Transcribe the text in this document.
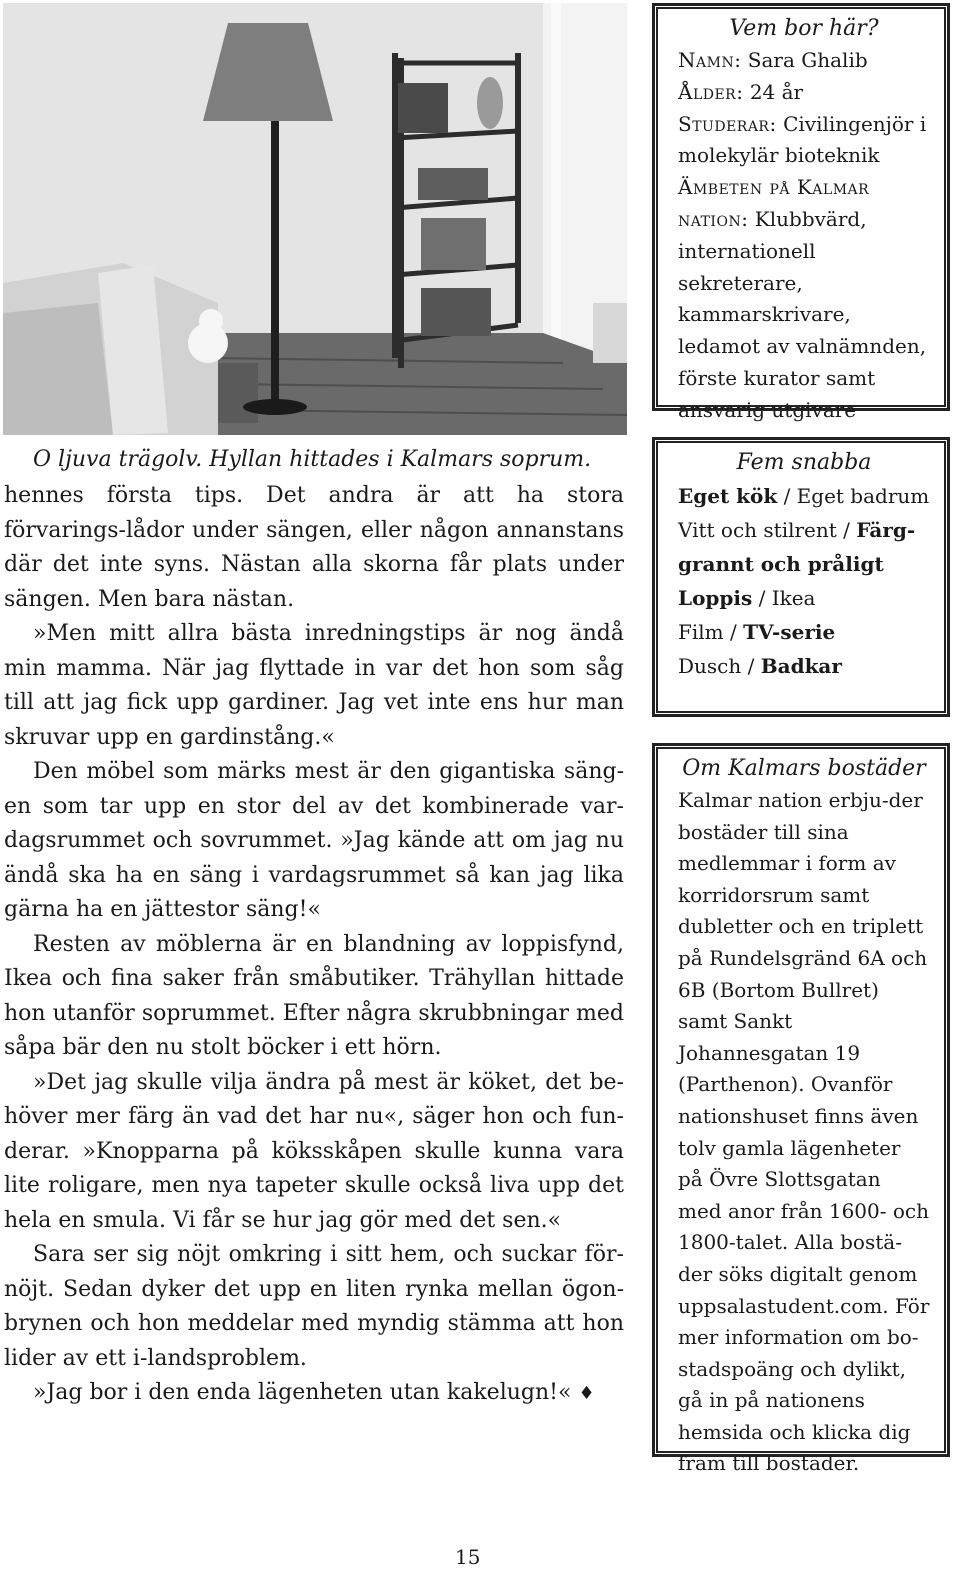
O ljuva trägolv. Hyllan hittades i Kalmars soprum.

hennes första tips. Det andra är att ha stora förvarings-lådor under sängen, eller någon annanstans där det inte syns. Nästan alla skorna får plats under sängen. Men bara nästan.

»Men mitt allra bästa inredningstips är nog ändå min mamma. När jag flyttade in var det hon som såg till att jag fick upp gardiner. Jag vet inte ens hur man skruvar upp en gardinstång.«

Den möbel som märks mest är den gigantiska säng-en som tar upp en stor del av det kombinerade var-dagsrummet och sovrummet. »Jag kände att om jag nu ändå ska ha en säng i vardagsrummet så kan jag lika gärna ha en jättestor säng!«

Resten av möblerna är en blandning av loppisfynd, Ikea och fina saker från småbutiker. Trähyllan hittade hon utanför soprummet. Efter några skrubbningar med såpa bär den nu stolt böcker i ett hörn.

»Det jag skulle vilja ändra på mest är köket, det be-höver mer färg än vad det har nu«, säger hon och fun-derar. »Knopparna på köksskåpen skulle kunna vara lite roligare, men nya tapeter skulle också liva upp det hela en smula. Vi får se hur jag gör med det sen.«

Sara ser sig nöjt omkring i sitt hem, och suckar för-nöjt. Sedan dyker det upp en liten rynka mellan ögon-brynen och hon meddelar med myndig stämma att hon lider av ett i-landsproblem.

»Jag bor i den enda lägenheten utan kakelugn!« ♦

Vem bor här?
Namn: Sara Ghalib
Ålder: 24 år
Studerar: Civilingenjör i molekylär bioteknik
Ämbeten på Kalmar nation: Klubbvärd, internationell sekreterare, kammarskrivare, ledamot av valnämnden, förste kurator samt ansvarig utgivare
Fem snabba

Eget kök / Eget badrum

Vitt och stilrent / Färg-grannt och pråligt

Loppis / Ikea

Film / TV-serie

Dusch / Badkar

Om Kalmars bostäder

Kalmar nation erbju-der bostäder till sina medlemmar i form av korridorsrum samt dubletter och en triplett på Rundelsgränd 6A och 6B (Bortom Bullret) samt Sankt Johannesgatan 19 (Parthenon). Ovanför nationshuset finns även tolv gamla lägenheter på Övre Slottsgatan med anor från 1600- och 1800-talet. Alla bostä-der söks digitalt genom uppsalastudent.com. För mer information om bo-stadspoäng och dylikt, gå in på nationens hemsida och klicka dig fram till bostäder.

15
